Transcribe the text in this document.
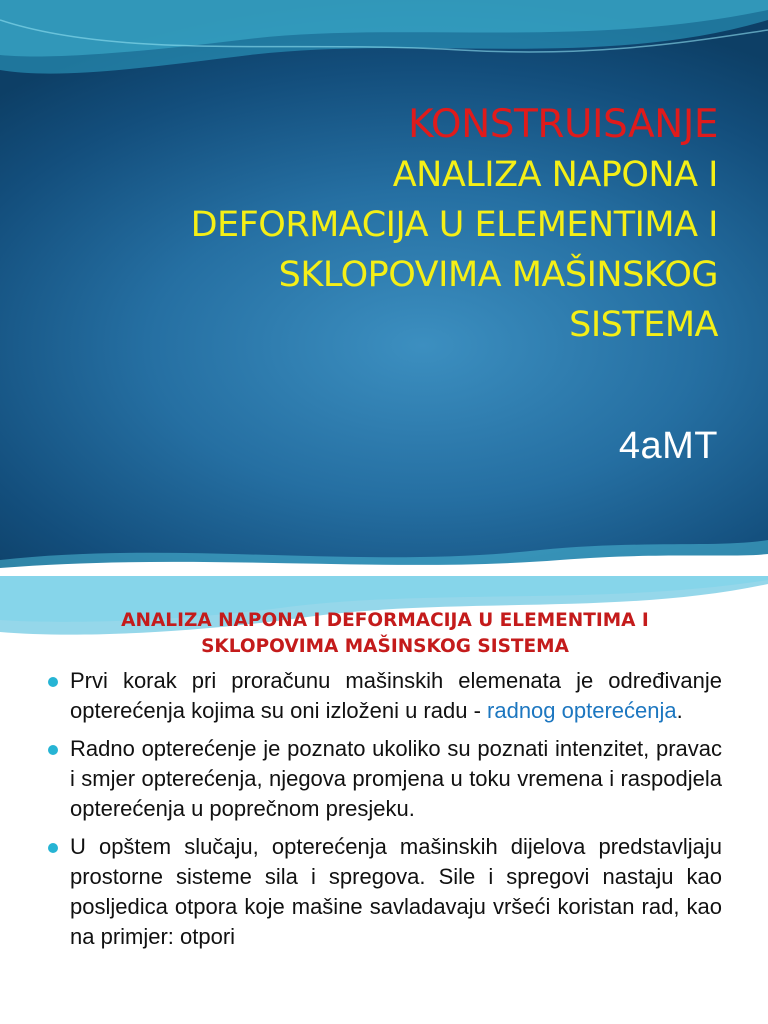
KONSTRUISANJE
ANALIZA NAPONA I
DEFORMACIJA U ELEMENTIMA I
SKLOPOVIMA MAŠINSKOG
SISTEMA
4aMT
ANALIZA NAPONA I DEFORMACIJA U ELEMENTIMA I
SKLOPOVIMA MAŠINSKOG SISTEMA
Prvi korak pri proračunu mašinskih elemenata je određivanje opterećenja kojima su oni izloženi u radu - radnog opterećenja.
Radno opterećenje je poznato ukoliko su poznati intenzitet, pravac i smjer opterećenja, njegova promjena u toku vremena i raspodjela opterećenja u poprečnom presjeku.
U opštem slučaju, opterećenja mašinskih dijelova predstavljaju prostorne sisteme sila i spregova. Sile i spregovi nastaju kao posljedica otpora koje mašine savladavaju vršeći koristan rad, kao na primjer: otpori
